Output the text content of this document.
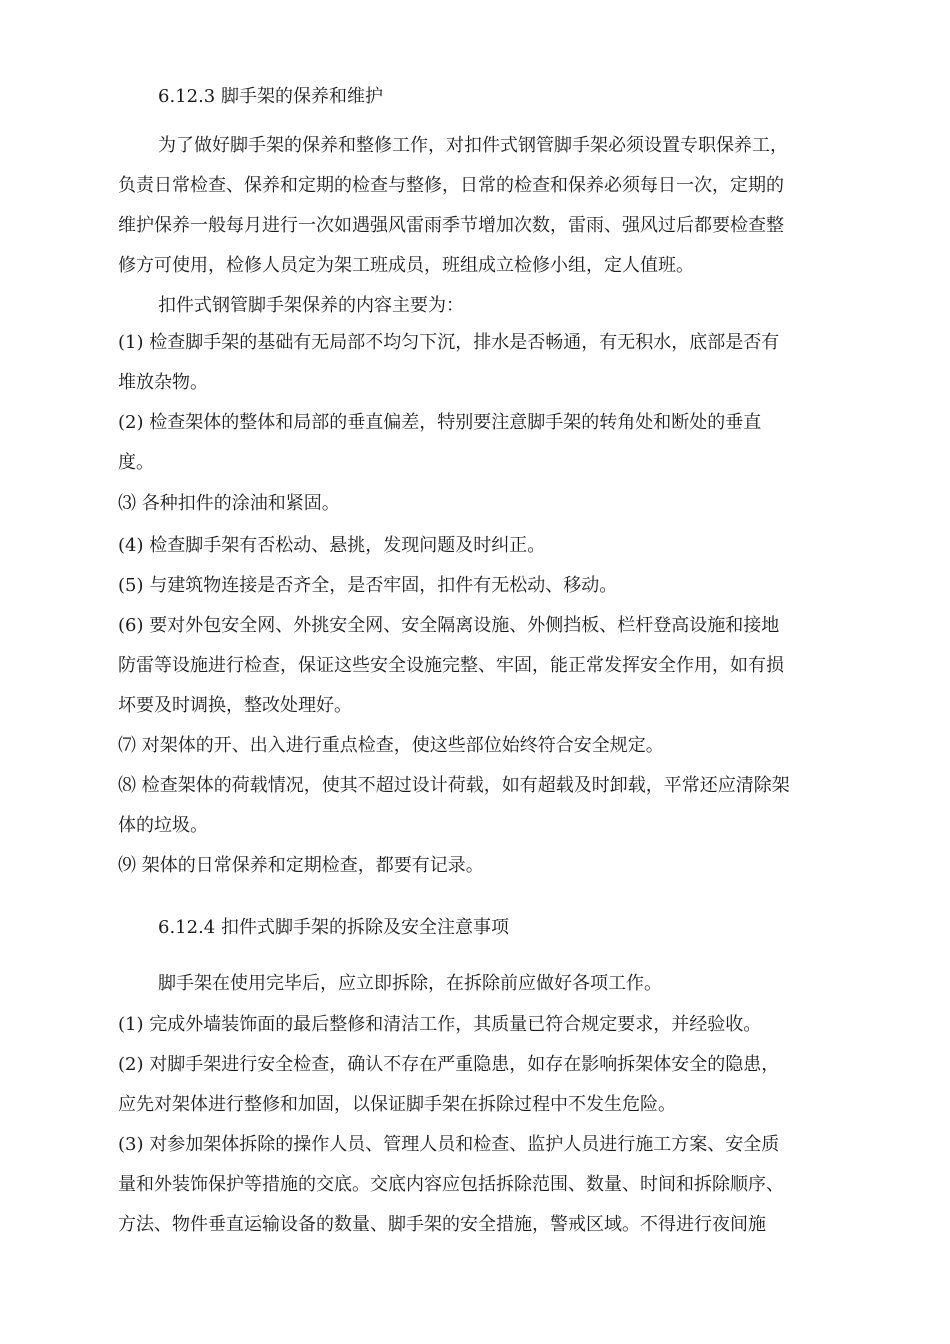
6.12.3 脚手架的保养和维护
为了做好脚手架的保养和整修工作，对扣件式钢管脚手架必须设置专职保养工，
负责日常检查、保养和定期的检查与整修，日常的检查和保养必须每日一次，定期的
维护保养一般每月进行一次如遇强风雷雨季节增加次数，雷雨、强风过后都要检查整
修方可使用，检修人员定为架工班成员，班组成立检修小组，定人值班。
扣件式钢管脚手架保养的内容主要为：
(1) 检查脚手架的基础有无局部不均匀下沉，排水是否畅通，有无积水，底部是否有
堆放杂物。
(2) 检查架体的整体和局部的垂直偏差，特别要注意脚手架的转角处和断处的垂直
度。
⑶ 各种扣件的涂油和紧固。
(4) 检查脚手架有否松动、悬挑，发现问题及时纠正。
(5) 与建筑物连接是否齐全，是否牢固，扣件有无松动、移动。
(6) 要对外包安全网、外挑安全网、安全隔离设施、外侧挡板、栏杆登高设施和接地
防雷等设施进行检查，保证这些安全设施完整、牢固，能正常发挥安全作用，如有损
坏要及时调换，整改处理好。
⑺ 对架体的开、出入进行重点检查，使这些部位始终符合安全规定。
⑻ 检查架体的荷载情况，使其不超过设计荷载，如有超载及时卸载，平常还应清除架
体的垃圾。
⑼ 架体的日常保养和定期检查，都要有记录。
6.12.4 扣件式脚手架的拆除及安全注意事项
脚手架在使用完毕后，应立即拆除，在拆除前应做好各项工作。
(1) 完成外墙装饰面的最后整修和清洁工作，其质量已符合规定要求，并经验收。
(2) 对脚手架进行安全检查，确认不存在严重隐患，如存在影响拆架体安全的隐患，
应先对架体进行整修和加固，以保证脚手架在拆除过程中不发生危险。
(3) 对参加架体拆除的操作人员、管理人员和检查、监护人员进行施工方案、安全质
量和外装饰保护等措施的交底。交底内容应包括拆除范围、数量、时间和拆除顺序、
方法、物件垂直运输设备的数量、脚手架的安全措施，警戒区域。不得进行夜间施
